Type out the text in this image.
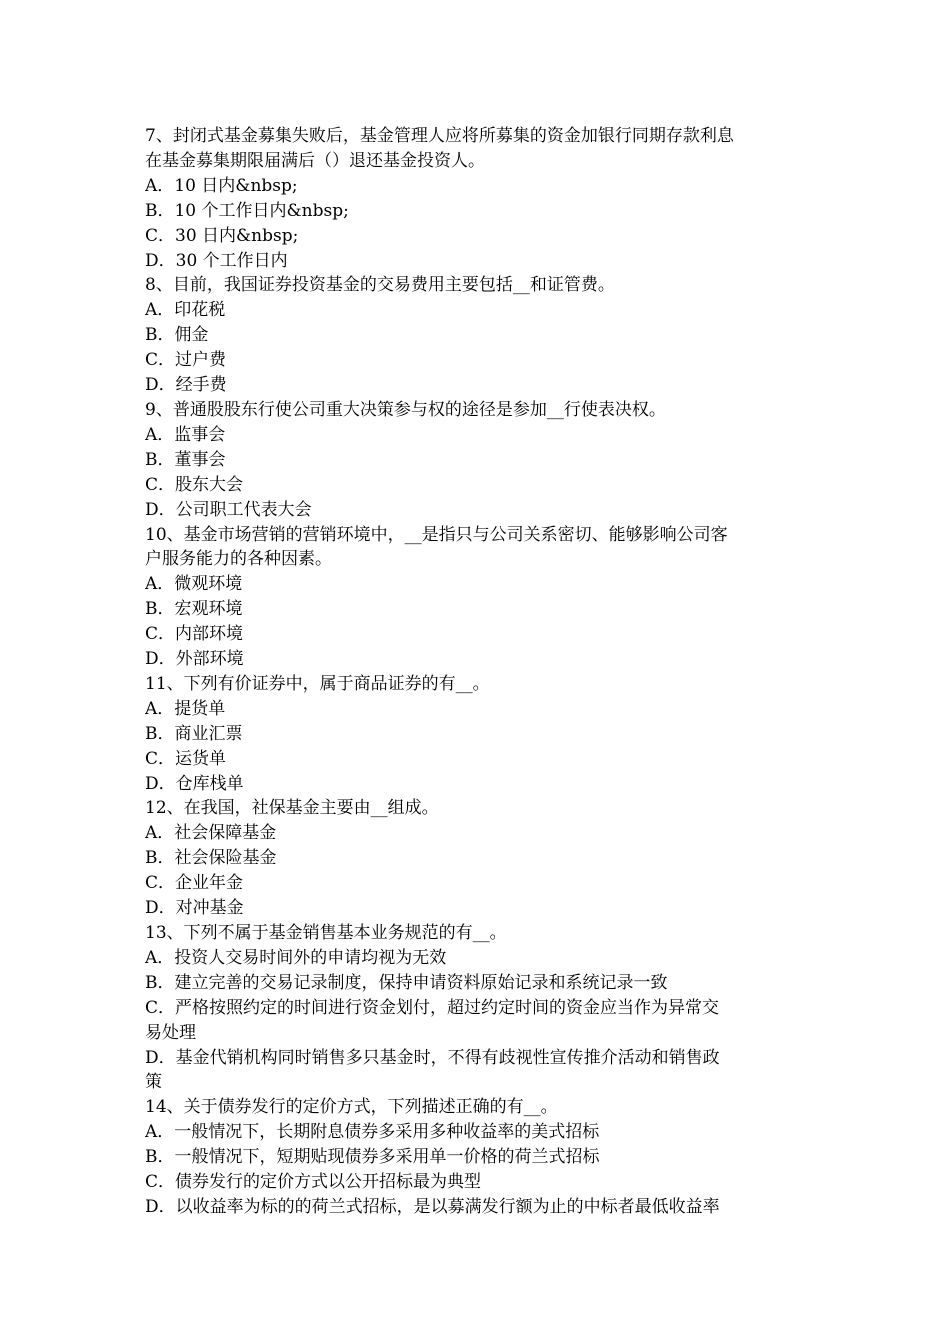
7、封闭式基金募集失败后，基金管理人应将所募集的资金加银行同期存款利息

在基金募集期限届满后（）退还基金投资人。

A．10 日内&nbsp;

B．10 个工作日内&nbsp;

C．30 日内&nbsp;

D．30 个工作日内

8、目前，我国证券投资基金的交易费用主要包括__和证管费。

A．印花税

B．佣金

C．过户费

D．经手费

9、普通股股东行使公司重大决策参与权的途径是参加__行使表决权。

A．监事会

B．董事会

C．股东大会

D．公司职工代表大会

10、基金市场营销的营销环境中，__是指只与公司关系密切、能够影响公司客

户服务能力的各种因素。

A．微观环境

B．宏观环境

C．内部环境

D．外部环境

11、下列有价证券中，属于商品证券的有__。

A．提货单

B．商业汇票

C．运货单

D．仓库栈单

12、在我国，社保基金主要由__组成。

A．社会保障基金

B．社会保险基金

C．企业年金

D．对冲基金

13、下列不属于基金销售基本业务规范的有__。

A．投资人交易时间外的申请均视为无效

B．建立完善的交易记录制度，保持申请资料原始记录和系统记录一致

C．严格按照约定的时间进行资金划付，超过约定时间的资金应当作为异常交

易处理

D．基金代销机构同时销售多只基金时，不得有歧视性宣传推介活动和销售政

策

14、关于债券发行的定价方式，下列描述正确的有__。

A．一般情况下，长期附息债券多采用多种收益率的美式招标

B．一般情况下，短期贴现债券多采用单一价格的荷兰式招标

C．债券发行的定价方式以公开招标最为典型

D．以收益率为标的的荷兰式招标，是以募满发行额为止的中标者最低收益率
